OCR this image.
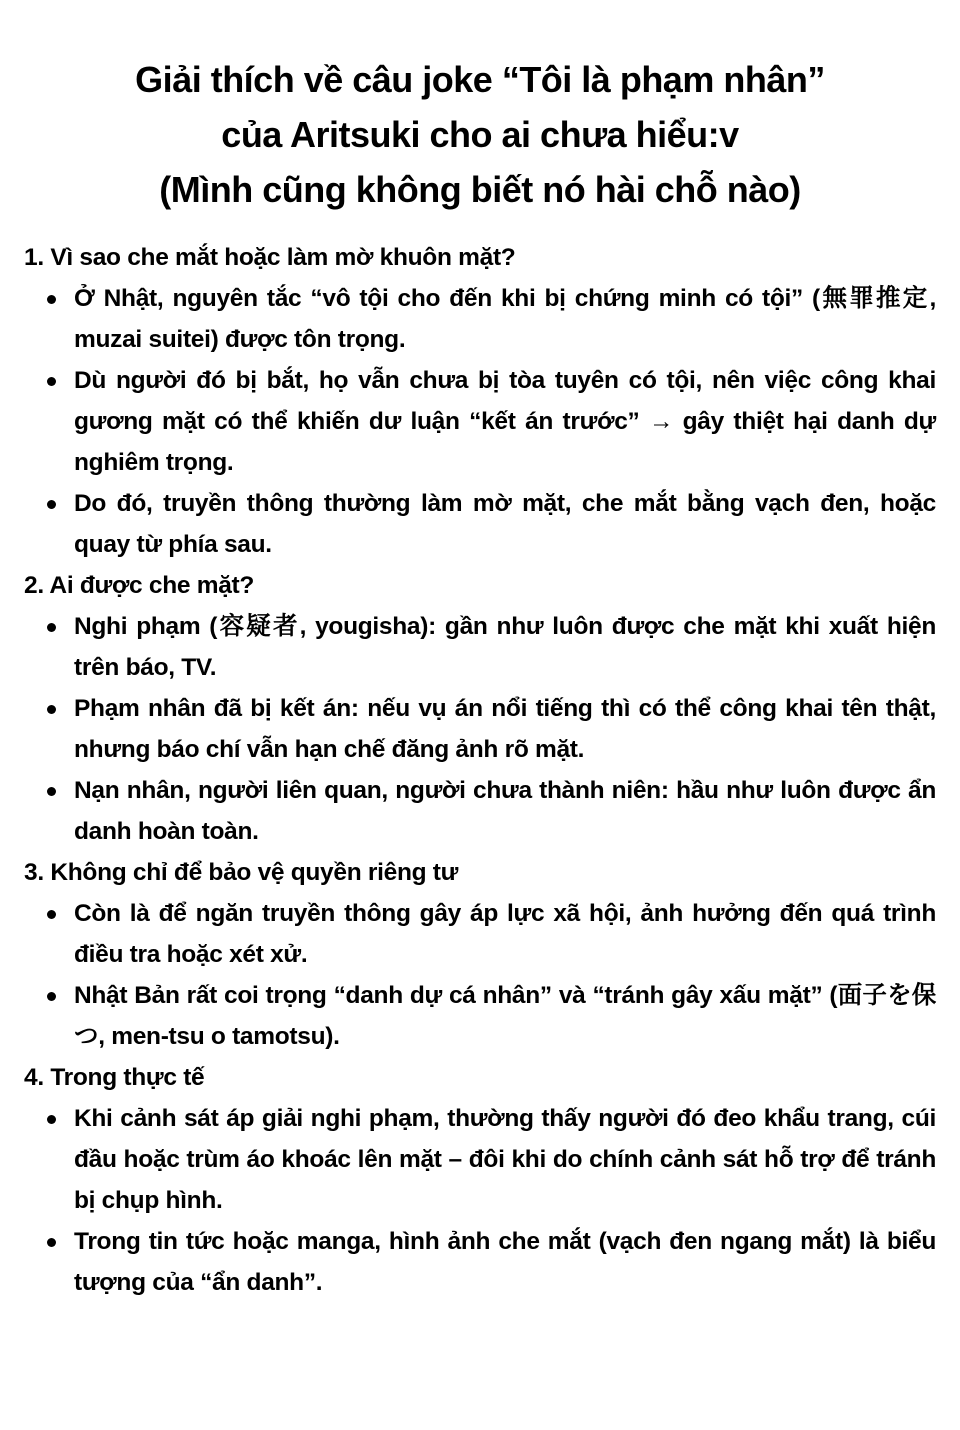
Giải thích về câu joke “Tôi là phạm nhân”
của Aritsuki cho ai chưa hiểu:v
(Mình cũng không biết nó hài chỗ nào)
1. Vì sao che mắt hoặc làm mờ khuôn mặt?
Ở Nhật, nguyên tắc “vô tội cho đến khi bị chứng minh có tội” (無罪推定, muzai suitei) được tôn trọng.
Dù người đó bị bắt, họ vẫn chưa bị tòa tuyên có tội, nên việc công khai gương mặt có thể khiến dư luận “kết án trước” → gây thiệt hại danh dự nghiêm trọng.
Do đó, truyền thông thường làm mờ mặt, che mắt bằng vạch đen, hoặc quay từ phía sau.
2. Ai được che mặt?
Nghi phạm (容疑者, yougisha): gần như luôn được che mặt khi xuất hiện trên báo, TV.
Phạm nhân đã bị kết án: nếu vụ án nổi tiếng thì có thể công khai tên thật, nhưng báo chí vẫn hạn chế đăng ảnh rõ mặt.
Nạn nhân, người liên quan, người chưa thành niên: hầu như luôn được ẩn danh hoàn toàn.
3. Không chỉ để bảo vệ quyền riêng tư
Còn là để ngăn truyền thông gây áp lực xã hội, ảnh hưởng đến quá trình điều tra hoặc xét xử.
Nhật Bản rất coi trọng “danh dự cá nhân” và “tránh gây xấu mặt” (面子を保つ, men-tsu o tamotsu).
4. Trong thực tế
Khi cảnh sát áp giải nghi phạm, thường thấy người đó đeo khẩu trang, cúi đầu hoặc trùm áo khoác lên mặt – đôi khi do chính cảnh sát hỗ trợ để tránh bị chụp hình.
Trong tin tức hoặc manga, hình ảnh che mắt (vạch đen ngang mắt) là biểu tượng của “ẩn danh”.
